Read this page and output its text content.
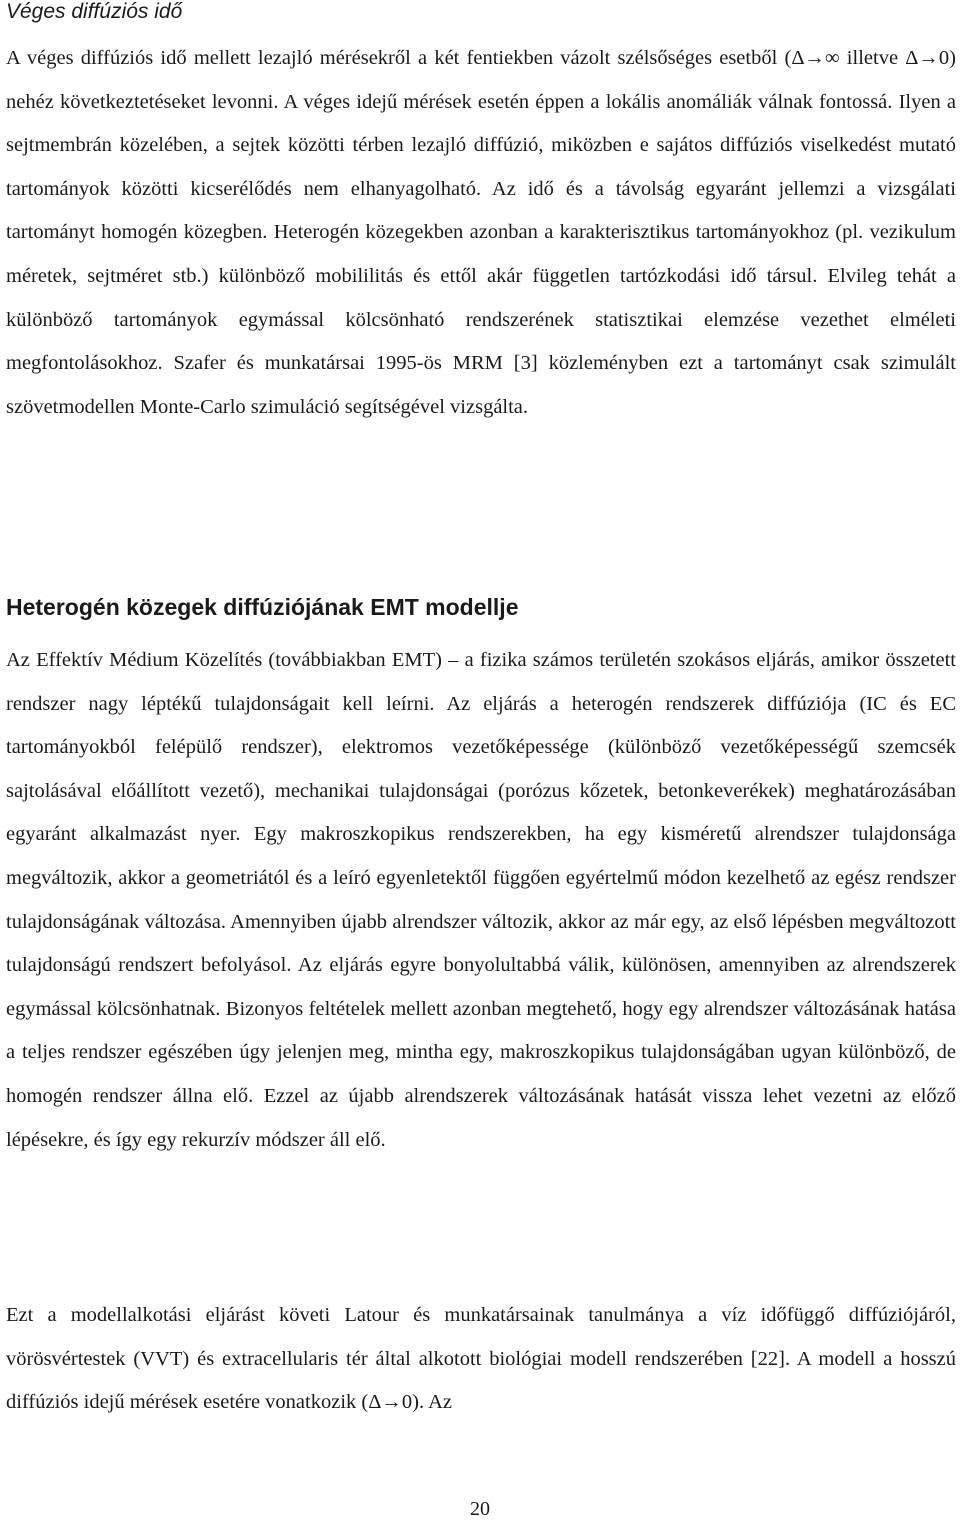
Véges diffúziós idő

A véges diffúziós idő mellett lezajló mérésekről a két fentiekben vázolt szélsőséges esetből (Δ→∞ illetve Δ→0) nehéz következtetéseket levonni. A véges idejű mérések esetén éppen a lokális anomáliák válnak fontossá. Ilyen a sejtmembrán közelében, a sejtek közötti térben lezajló diffúzió, miközben e sajátos diffúziós viselkedést mutató tartományok közötti kicserélődés nem elhanyagolható. Az idő és a távolság egyaránt jellemzi a vizsgálati tartományt homogén közegben. Heterogén közegekben azonban a karakterisztikus tartományokhoz (pl. vezikulum méretek, sejtméret stb.) különböző mobililitás és ettől akár független tartózkodási idő társul. Elvileg tehát a különböző tartományok egymással kölcsönható rendszerének statisztikai elemzése vezethet elméleti megfontolásokhoz. Szafer és munkatársai 1995-ös MRM [3] közleményben ezt a tartományt csak szimulált szövetmodellen Monte-Carlo szimuláció segítségével vizsgálta.

Heterogén közegek diffúziójának EMT modellje

Az Effektív Médium Közelítés (továbbiakban EMT) – a fizika számos területén szokásos eljárás, amikor összetett rendszer nagy léptékű tulajdonságait kell leírni. Az eljárás a heterogén rendszerek diffúziója (IC és EC tartományokból felépülő rendszer), elektromos vezetőképessége (különböző vezetőképességű szemcsék sajtolásával előállított vezető), mechanikai tulajdonságai (porózus kőzetek, betonkeverékek) meghatározásában egyaránt alkalmazást nyer. Egy makroszkopikus rendszerekben, ha egy kisméretű alrendszer tulajdonsága megváltozik, akkor a geometriától és a leíró egyenletektől függően egyértelmű módon kezelhető az egész rendszer tulajdonságának változása. Amennyiben újabb alrendszer változik, akkor az már egy, az első lépésben megváltozott tulajdonságú rendszert befolyásol. Az eljárás egyre bonyolultabbá válik, különösen, amennyiben az alrendszerek egymással kölcsönhatnak. Bizonyos feltételek mellett azonban megtehető, hogy egy alrendszer változásának hatása a teljes rendszer egészében úgy jelenjen meg, mintha egy, makroszkopikus tulajdonságában ugyan különböző, de homogén rendszer állna elő. Ezzel az újabb alrendszerek változásának hatását vissza lehet vezetni az előző lépésekre, és így egy rekurzív módszer áll elő.

Ezt a modellalkotási eljárást követi Latour és munkatársainak tanulmánya a víz időfüggő diffúziójáról, vörösvértestek (VVT) és extracellularis tér által alkotott biológiai modell rendszerében [22]. A modell a hosszú diffúziós idejű mérések esetére vonatkozik (Δ→0). Az

20
